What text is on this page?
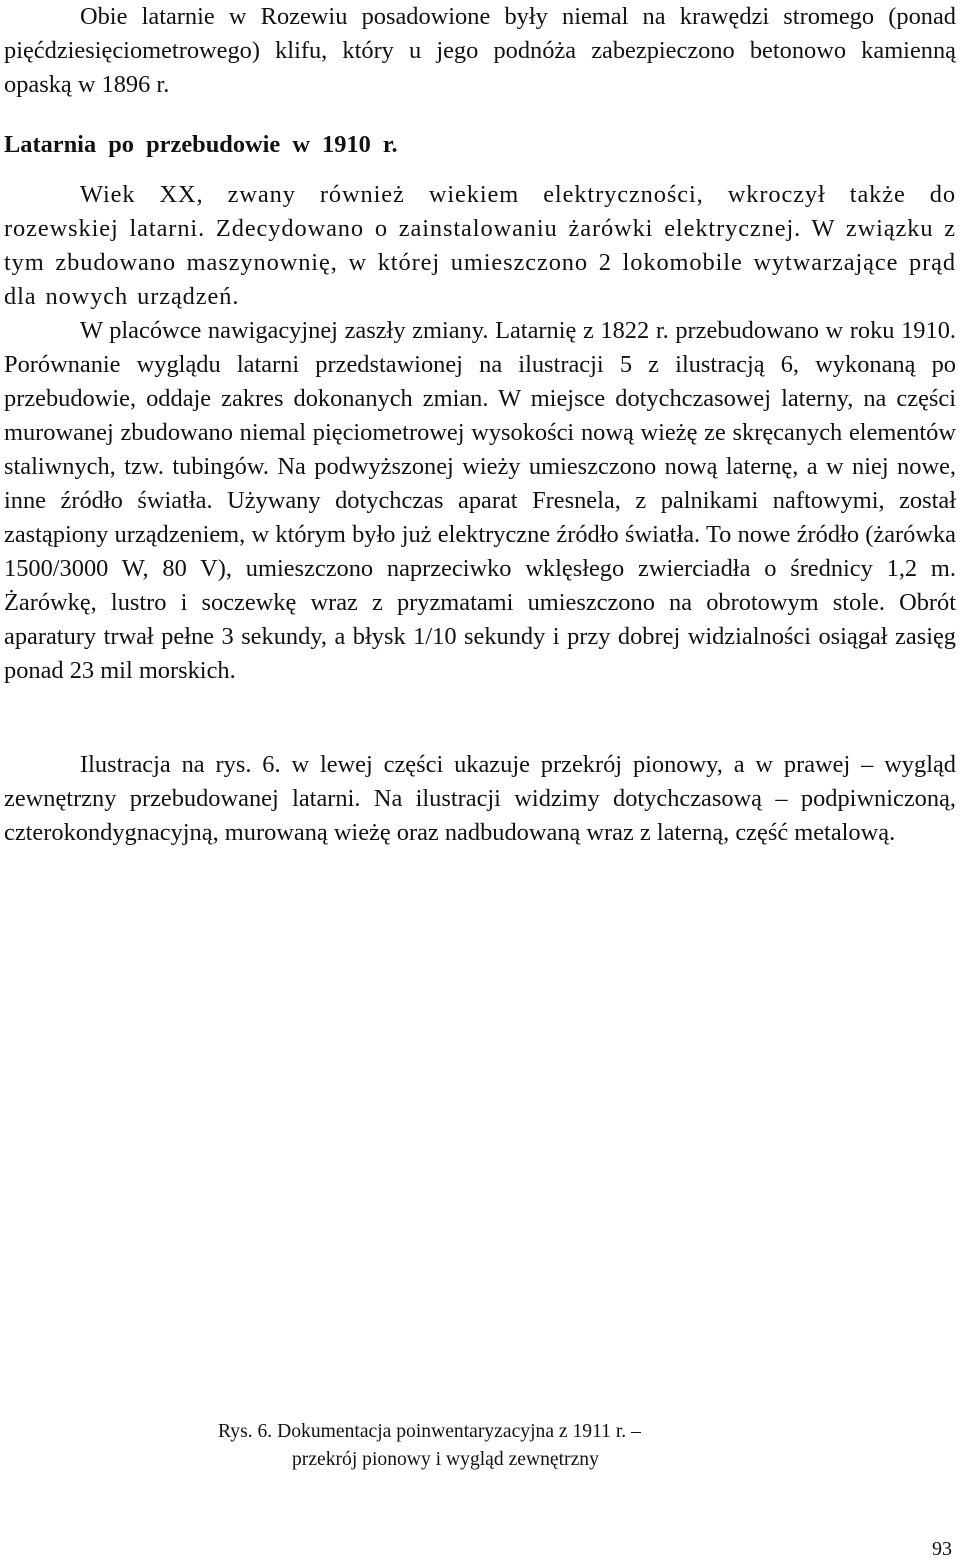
Obie latarnie w Rozewiu posadowione były niemal na krawędzi stromego (ponad pięćdziesięciometrowego) klifu, który u jego podnóża zabezpieczono betonowo kamienną opaską w 1896 r.

Latarnia po przebudowie w 1910 r.

Wiek XX, zwany również wiekiem elektryczności, wkroczył także do rozewskiej latarni. Zdecydowano o zainstalowaniu żarówki elektrycznej. W związku z tym zbudowano maszynownię, w której umieszczono 2 lokomobile wytwarzające prąd dla nowych urządzeń.

W placówce nawigacyjnej zaszły zmiany. Latarnię z 1822 r. przebudowano w roku 1910. Porównanie wyglądu latarni przedstawionej na ilustracji 5 z ilustracją 6, wykonaną po przebudowie, oddaje zakres dokonanych zmian. W miejsce dotychczasowej laterny, na części murowanej zbudowano niemal pięciometrowej wysokości nową wieżę ze skręcanych elementów staliwnych, tzw. tubingów. Na podwyższonej wieży umieszczono nową laternę, a w niej nowe, inne źródło światła. Używany dotychczas aparat Fresnela, z palnikami naftowymi, został zastąpiony urządzeniem, w którym było już elektryczne źródło światła. To nowe źródło (żarówka 1500/3000 W, 80 V), umieszczono naprzeciwko wklęsłego zwierciadła o średnicy 1,2 m. Żarówkę, lustro i soczewkę wraz z pryzmatami umieszczono na obrotowym stole. Obrót aparatury trwał pełne 3 sekundy, a błysk 1/10 sekundy i przy dobrej widzialności osiągał zasięg ponad 23 mil morskich.

Ilustracja na rys. 6. w lewej części ukazuje przekrój pionowy, a w prawej – wygląd zewnętrzny przebudowanej latarni. Na ilustracji widzimy dotychczasową – podpiwniczoną, czterokondygnacyjną, murowaną wieżę oraz nadbudowaną wraz z laterną, część metalową.

Rys. 6. Dokumentacja poinwentaryzacyjna z 1911 r. –
przekrój pionowy i wygląd zewnętrzny
93
